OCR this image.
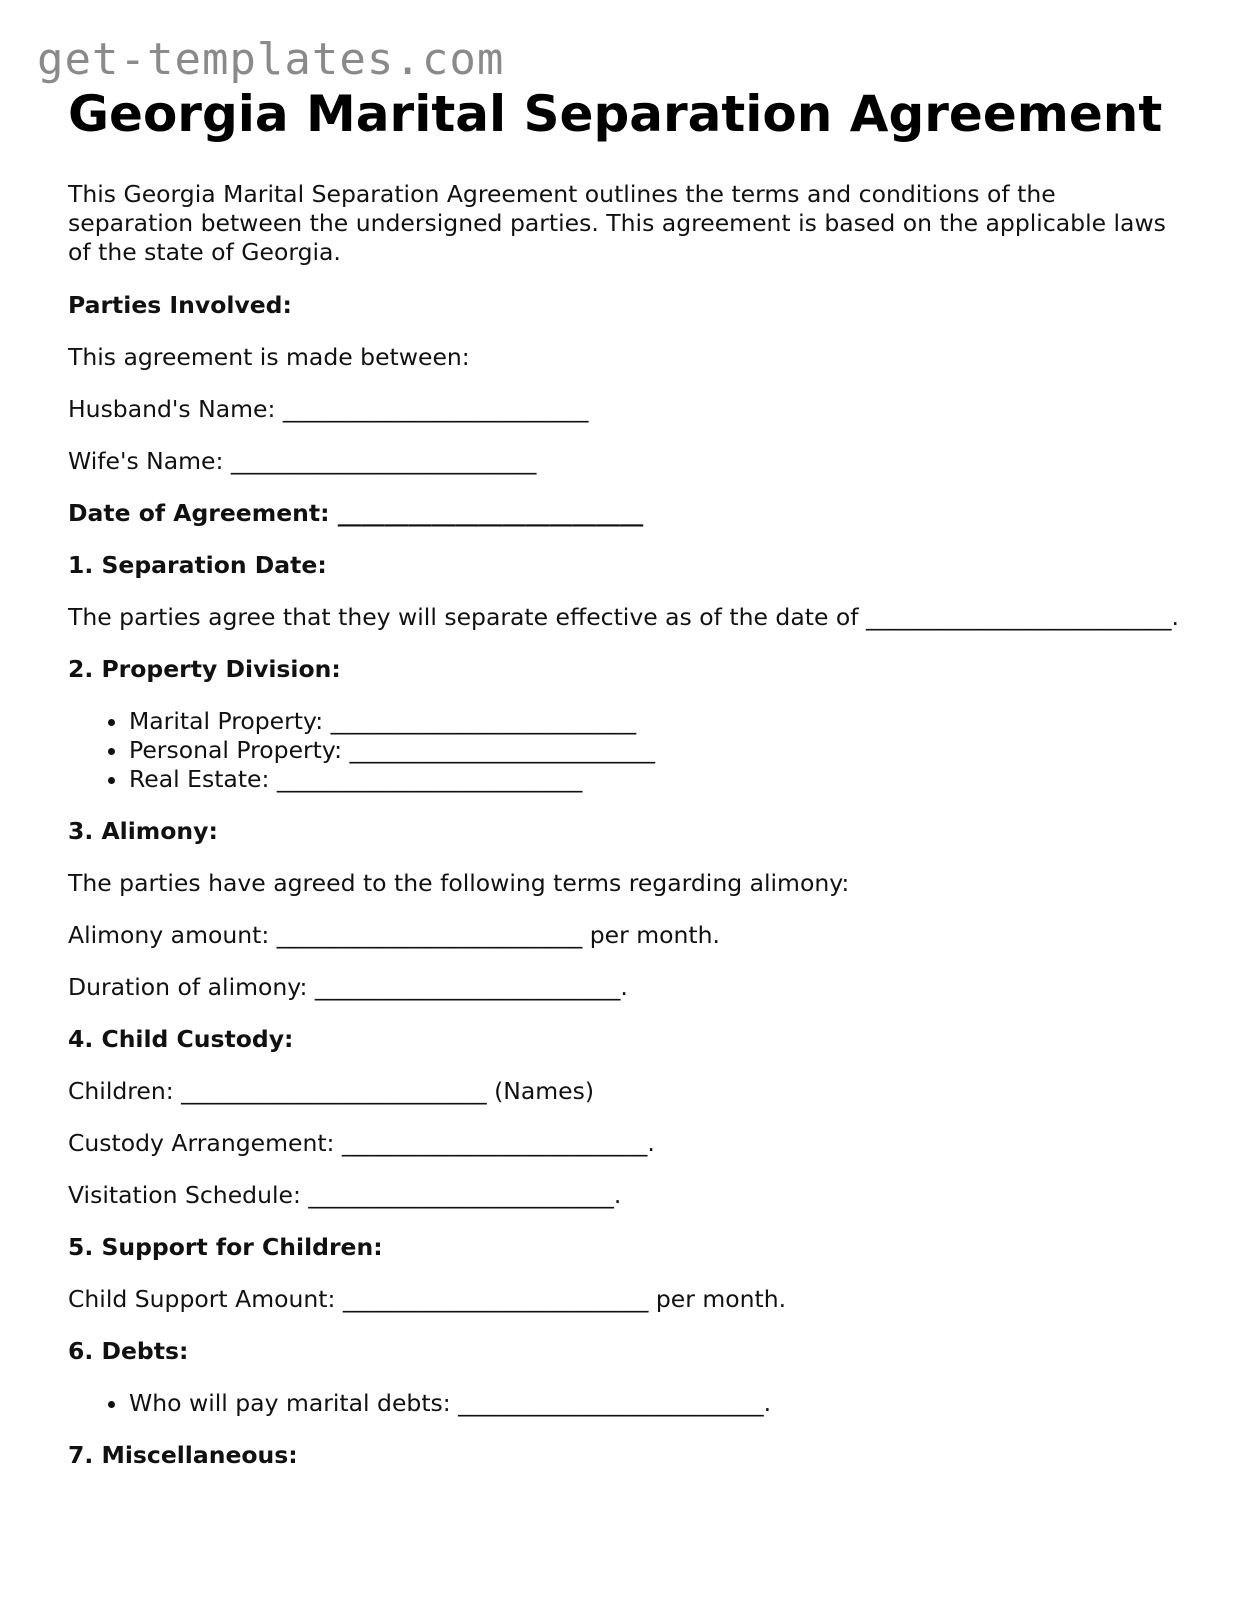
get-templates.com
Georgia Marital Separation Agreement

This Georgia Marital Separation Agreement outlines the terms and conditions of the separation between the undersigned parties. This agreement is based on the applicable laws of the state of Georgia.

Parties Involved:

This agreement is made between:

Husband's Name: __________________________

Wife's Name: __________________________

Date of Agreement: __________________________

1. Separation Date:

The parties agree that they will separate effective as of the date of __________________________.

2. Property Division:

• Marital Property: __________________________
• Personal Property: __________________________
• Real Estate: __________________________

3. Alimony:

The parties have agreed to the following terms regarding alimony:

Alimony amount: __________________________ per month.

Duration of alimony: __________________________.

4. Child Custody:

Children: __________________________ (Names)

Custody Arrangement: __________________________.

Visitation Schedule: __________________________.

5. Support for Children:

Child Support Amount: __________________________ per month.

6. Debts:

• Who will pay marital debts: __________________________.

7. Miscellaneous:
